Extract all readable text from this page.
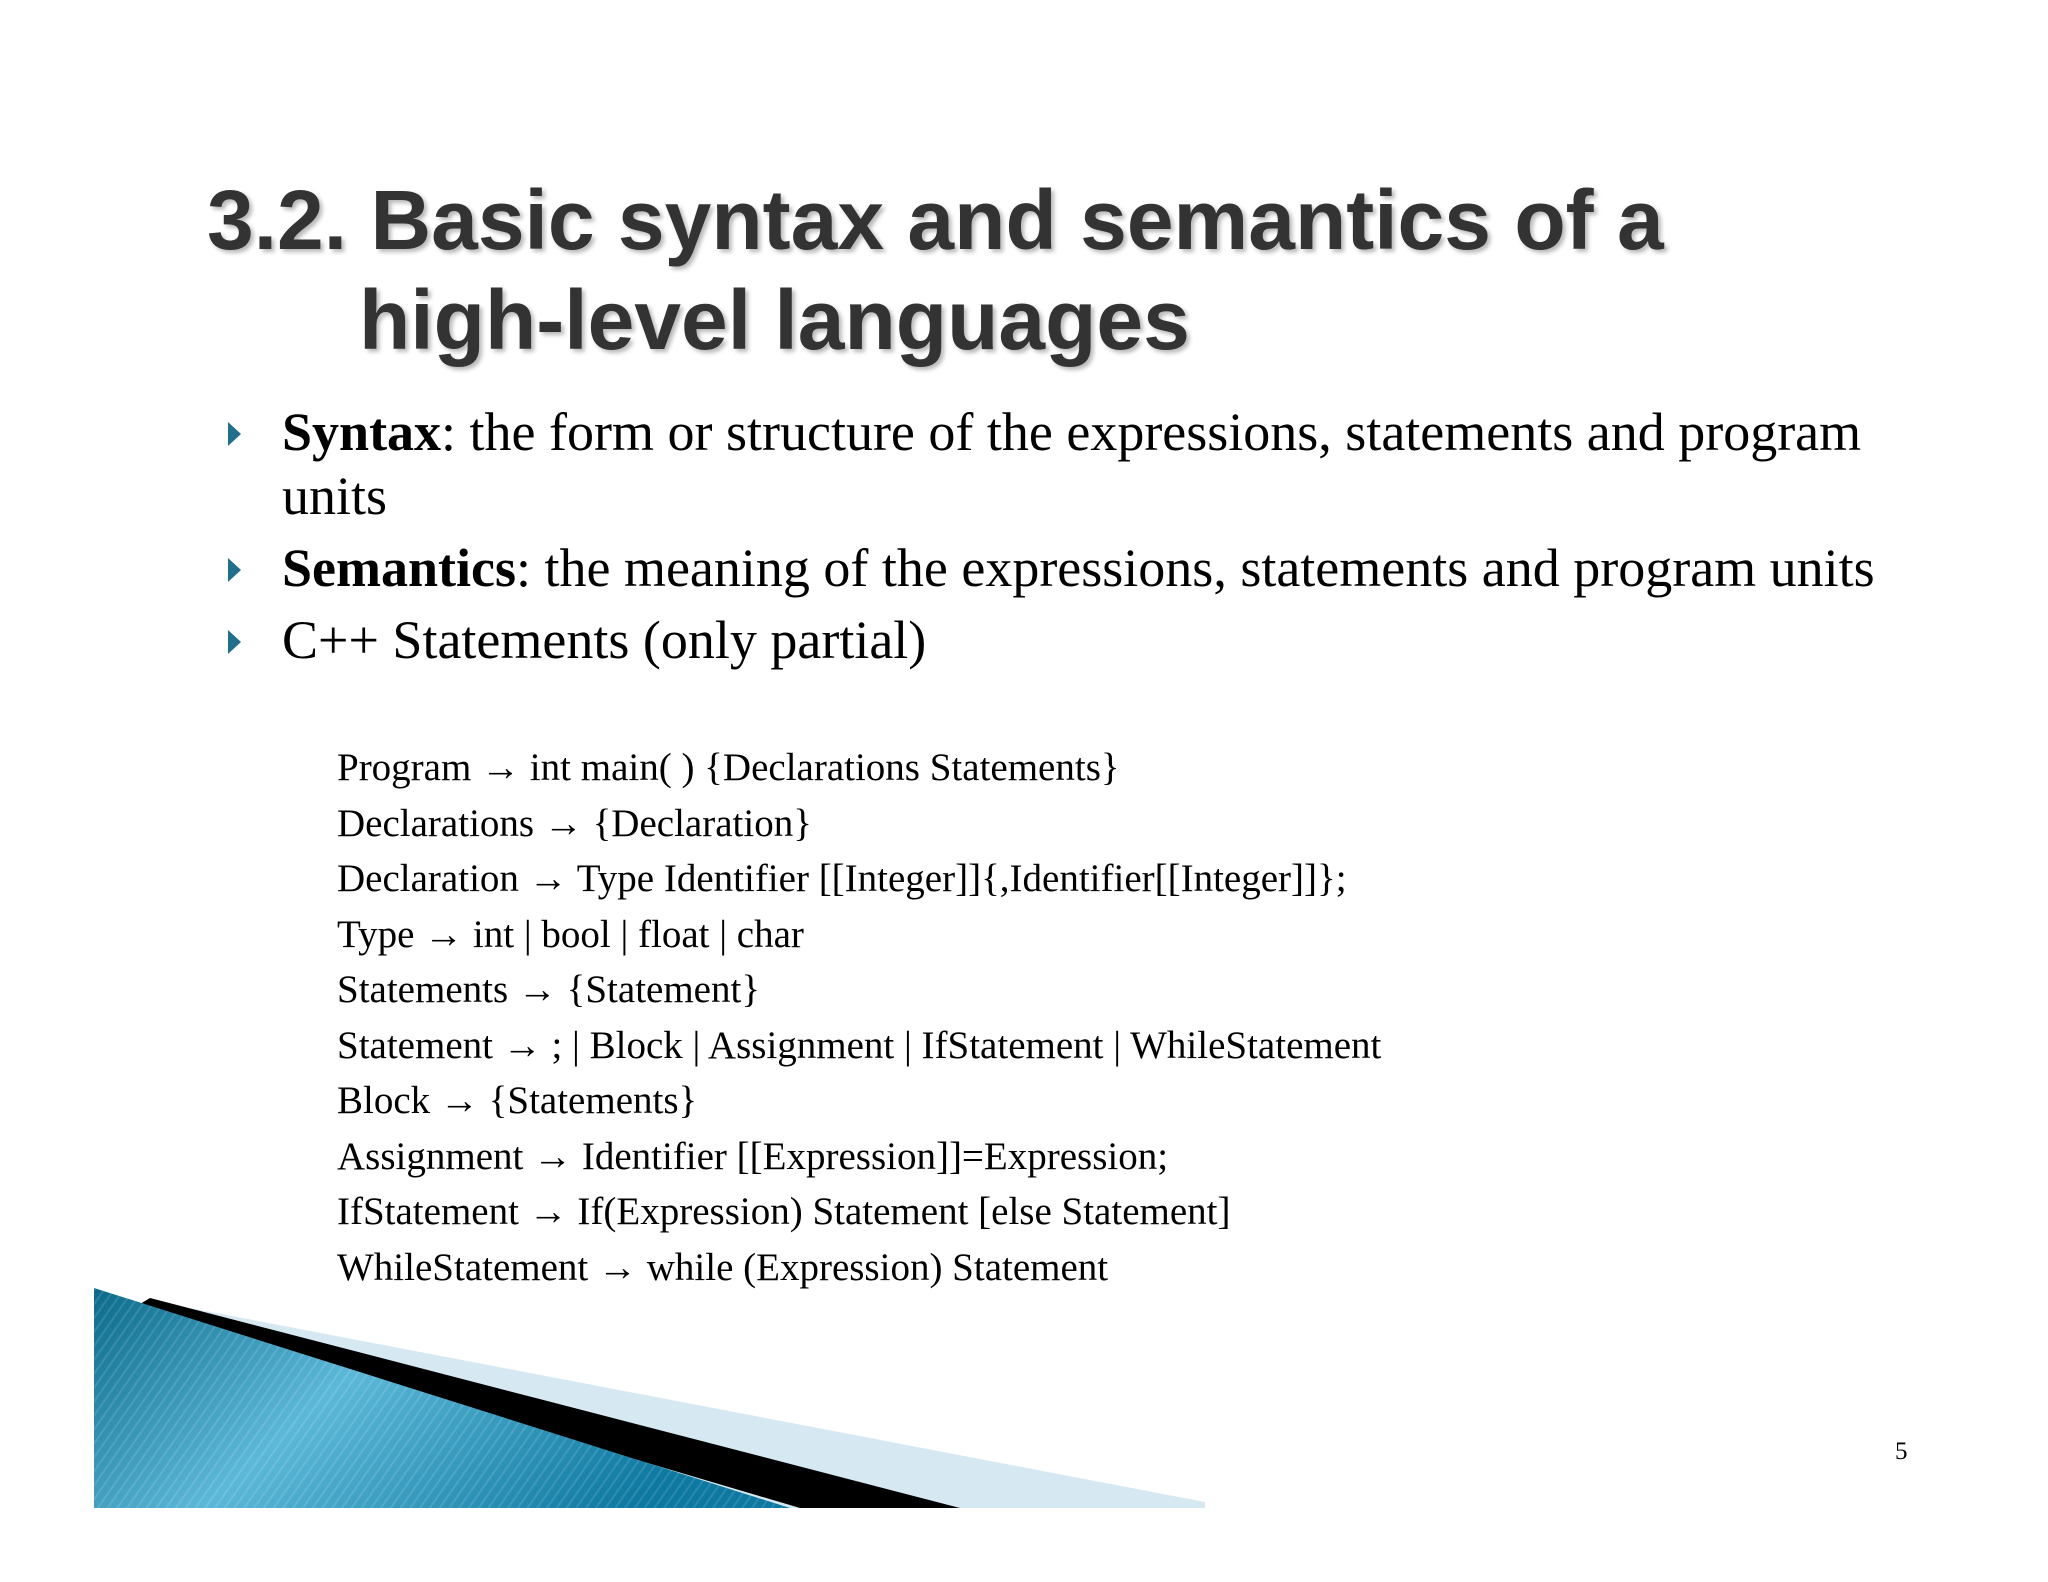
3.2. Basic syntax and semantics of a
high-level languages
Syntax: the form or structure of the expressions, statements and program units
Semantics: the meaning of the expressions, statements and program units
C++ Statements (only partial)
Program → int main( ) {Declarations Statements}
Declarations → {Declaration}
Declaration → Type Identifier [[Integer]]{,Identifier[[Integer]]};
Type → int | bool | float | char
Statements → {Statement}
Statement → ; | Block | Assignment | IfStatement | WhileStatement
Block → {Statements}
Assignment → Identifier [[Expression]]=Expression;
IfStatement → If(Expression) Statement [else Statement]
WhileStatement → while (Expression) Statement
5
